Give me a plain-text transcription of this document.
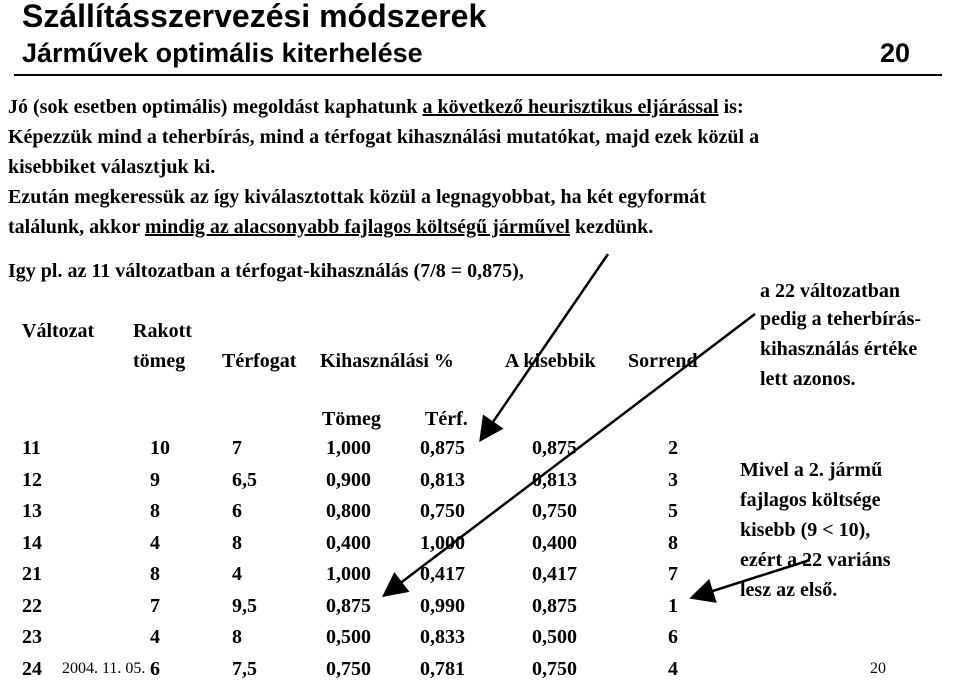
Szállításszervezési módszerek
Járművek optimális kiterhelése	20
Jó (sok esetben optimális) megoldást kaphatunk a következő heurisztikus eljárással is:
Képezzük mind a teherbírás, mind a térfogat kihasználási mutatókat, majd ezek közül a
kisebbiket választjuk ki.
Ezután megkeressük az így kiválasztottak közül a legnagyobbat, ha két egyformát
találunk, akkor mindig az alacsonyabb fajlagos költségű járművel kezdünk.
Igy pl. az 11 változatban a térfogat-kihasználás (7/8 = 0,875),
Változat Rakott
tömeg Térfogat Kihasználási %	A kisebbik Sorrend
Tömeg Térf.
11	10	7	1,000 0,875	0,875	2
12	9	6,5	0,900 0,813	0,813	3
13	8	6	0,800 0,750	0,750	5
14	4	8	0,400 1,000	0,400	8
21	8	4	1,000 0,417	0,417	7
22	7	9,5	0,875 0,990	0,875	1
23	4	8	0,500 0,833	0,500	6
24	6	7,5	0,750 0,781	0,750	4
a 22 változatban
pedig a teherbírás-
kihasználás értéke
lett azonos.
Mivel a 2. jármű
fajlagos költsége
kisebb (9 < 10),
ezért a 22 variáns
lesz az első.
2004. 11. 05.	20
